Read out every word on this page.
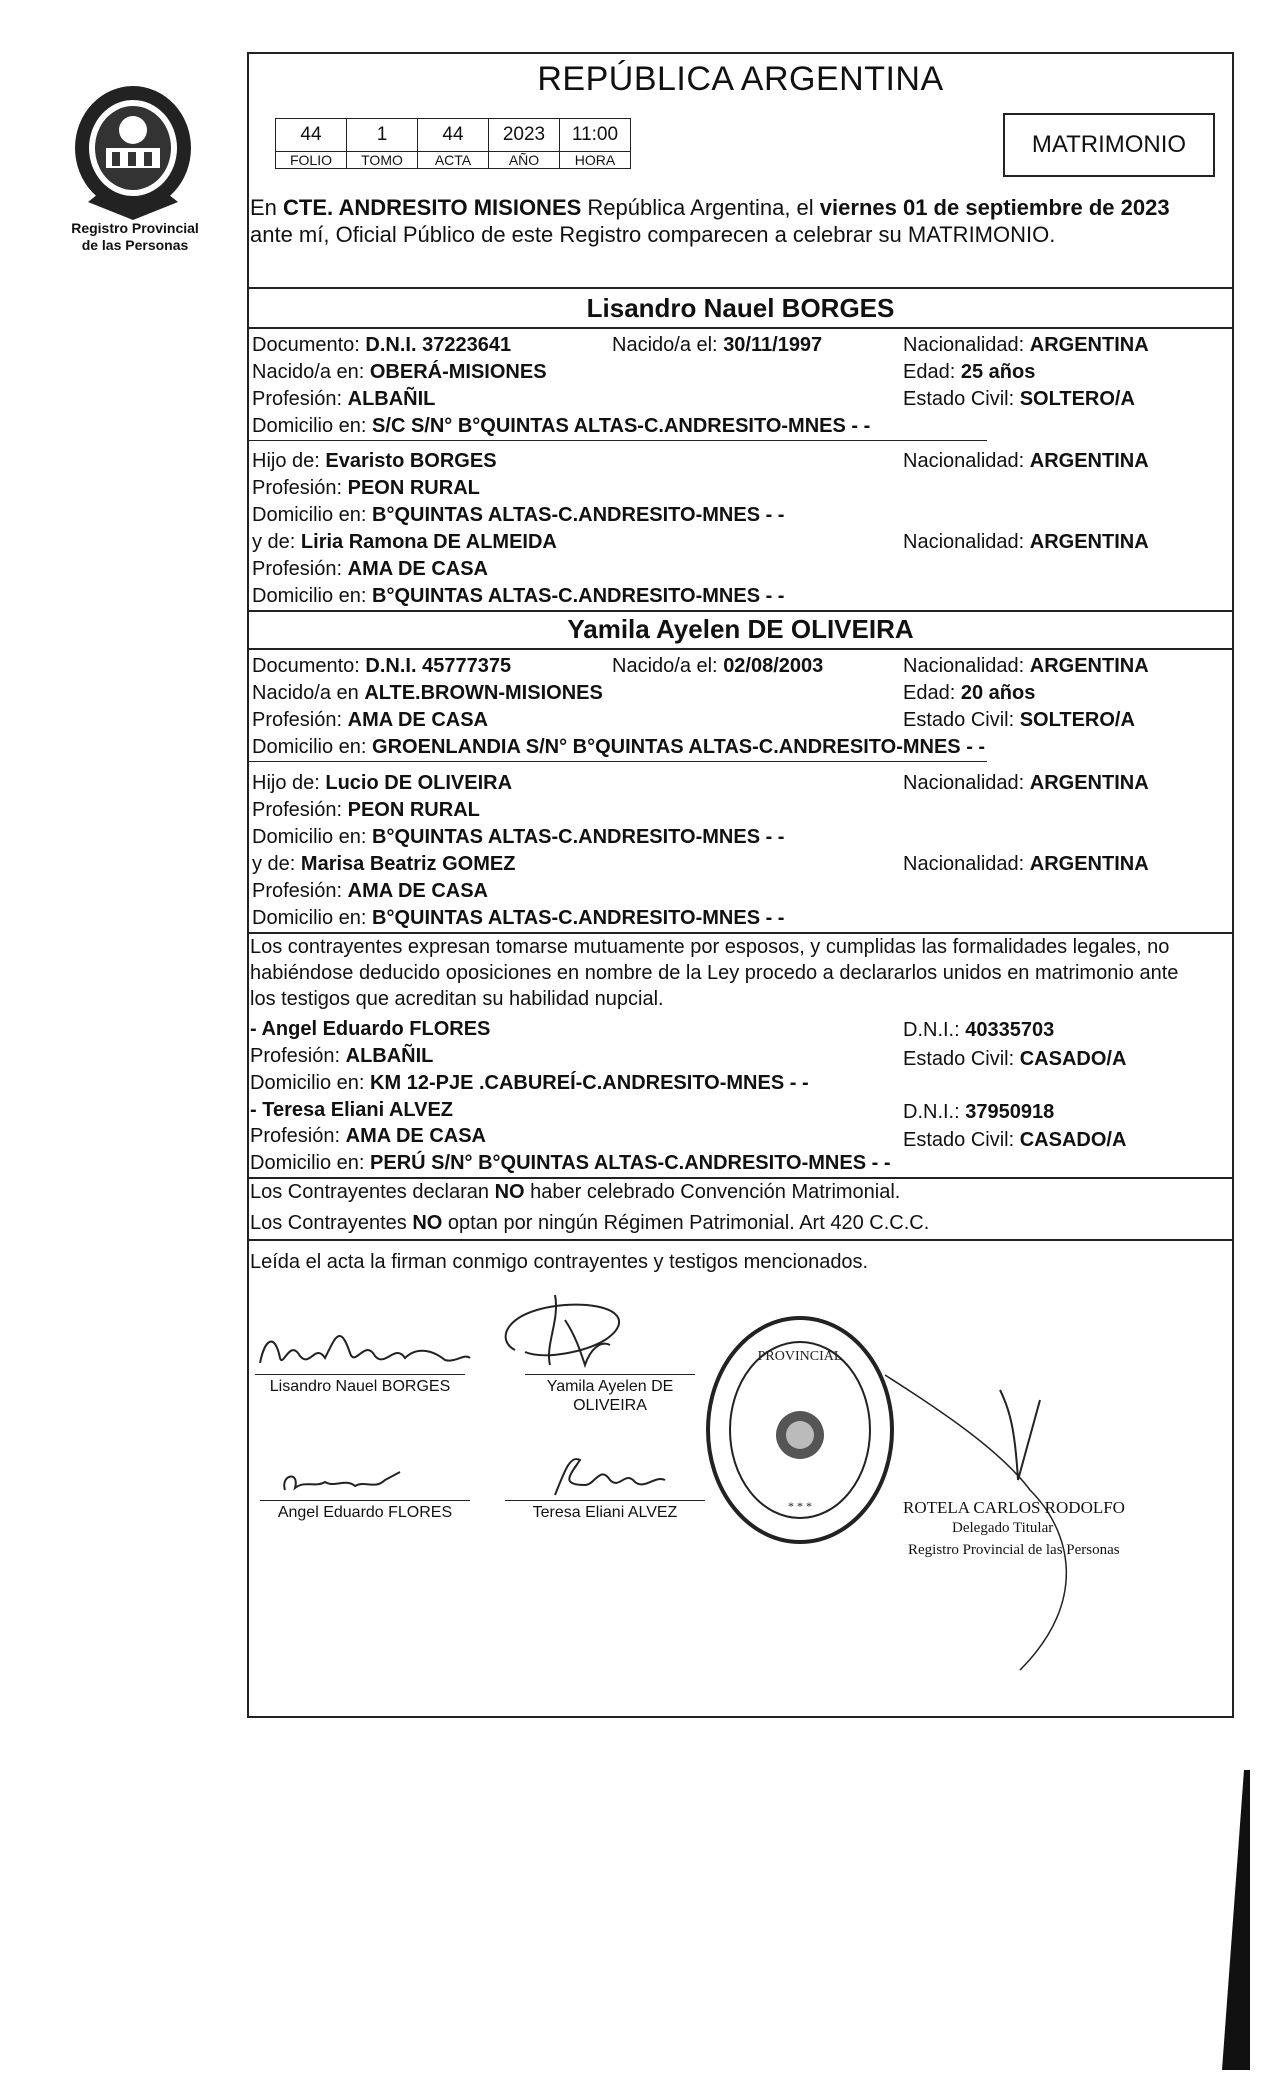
Registro Provincial
de las Personas
REPÚBLICA ARGENTINA
44	1	44	2023	11:00
FOLIO	TOMO	ACTA	AÑO	HORA
MATRIMONIO
En CTE. ANDRESITO MISIONES República Argentina, el viernes 01 de septiembre de 2023
ante mí, Oficial Público de este Registro comparecen a celebrar su MATRIMONIO.
Lisandro Nauel BORGES
Documento: D.N.I. 37223641	Nacido/a el: 30/11/1997	Nacionalidad: ARGENTINA
Nacido/a en: OBERÁ-MISIONES	Edad: 25 años
Profesión: ALBAÑIL	Estado Civil: SOLTERO/A
Domicilio en: S/C S/N° B°QUINTAS ALTAS-C.ANDRESITO-MNES - -
Hijo de: Evaristo BORGES	Nacionalidad: ARGENTINA
Profesión: PEON RURAL
Domicilio en: B°QUINTAS ALTAS-C.ANDRESITO-MNES - -
y de: Liria Ramona DE ALMEIDA	Nacionalidad: ARGENTINA
Profesión: AMA DE CASA
Domicilio en: B°QUINTAS ALTAS-C.ANDRESITO-MNES - -
Yamila Ayelen DE OLIVEIRA
Documento: D.N.I. 45777375	Nacido/a el: 02/08/2003	Nacionalidad: ARGENTINA
Nacido/a en ALTE.BROWN-MISIONES	Edad: 20 años
Profesión: AMA DE CASA	Estado Civil: SOLTERO/A
Domicilio en: GROENLANDIA S/N° B°QUINTAS ALTAS-C.ANDRESITO-MNES - -
Hijo de: Lucio DE OLIVEIRA	Nacionalidad: ARGENTINA
Profesión: PEON RURAL
Domicilio en: B°QUINTAS ALTAS-C.ANDRESITO-MNES - -
y de: Marisa Beatriz GOMEZ	Nacionalidad: ARGENTINA
Profesión: AMA DE CASA
Domicilio en: B°QUINTAS ALTAS-C.ANDRESITO-MNES - -
Los contrayentes expresan tomarse mutuamente por esposos, y cumplidas las formalidades legales, no
habiéndose deducido oposiciones en nombre de la Ley procedo a declararlos unidos en matrimonio ante
los testigos que acreditan su habilidad nupcial.
- Angel Eduardo FLORES	D.N.I.: 40335703
Profesión: ALBAÑIL	Estado Civil: CASADO/A
Domicilio en: KM 12-PJE .CABUREÍ-C.ANDRESITO-MNES - -
- Teresa Eliani ALVEZ	D.N.I.: 37950918
Profesión: AMA DE CASA	Estado Civil: CASADO/A
Domicilio en: PERÚ S/N° B°QUINTAS ALTAS-C.ANDRESITO-MNES - -
Los Contrayentes declaran NO haber celebrado Convención Matrimonial.
Los Contrayentes NO optan por ningún Régimen Patrimonial. Art 420 C.C.C.
Leída el acta la firman conmigo contrayentes y testigos mencionados.
Lisandro Nauel BORGES	Yamila Ayelen DE
OLIVEIRA
Angel Eduardo FLORES	Teresa Eliani ALVEZ
PROVINCIAL
* * *	ROTELA CARLOS RODOLFO
Delegado Titular
Registro Provincial de las Personas
